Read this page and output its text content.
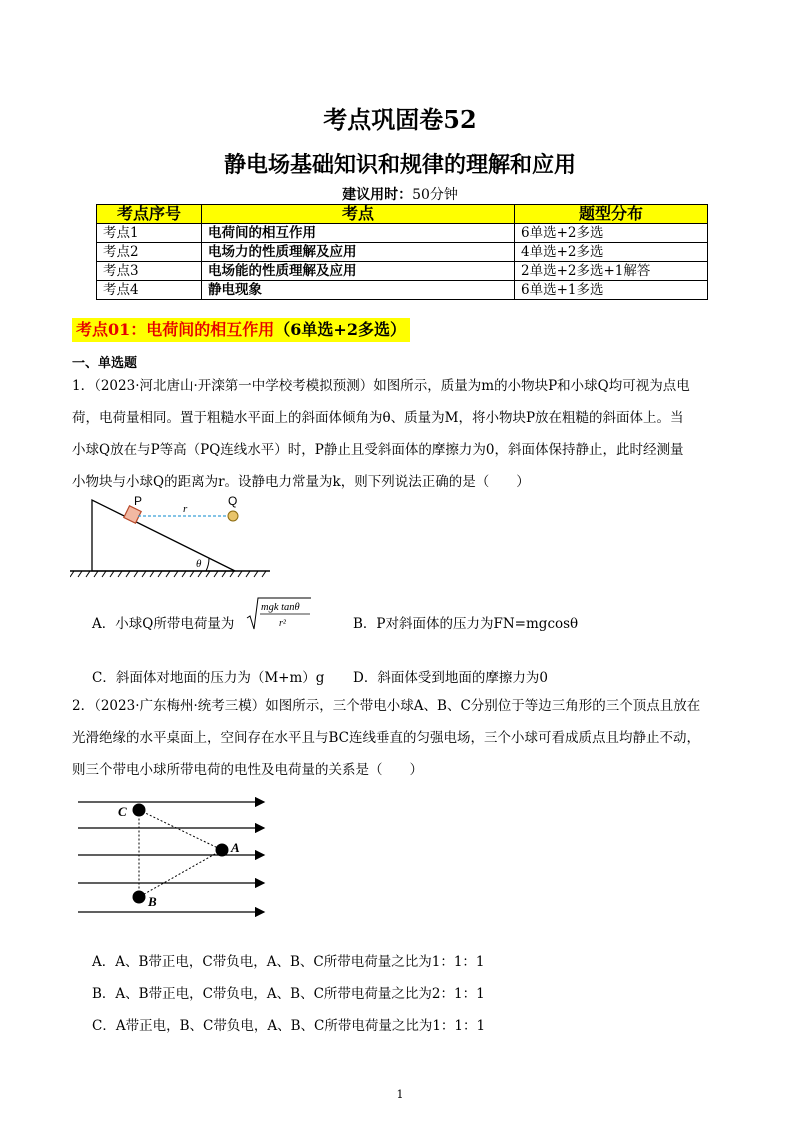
考点巩固卷52
静电场基础知识和规律的理解和应用
建议用时：50分钟
考点序号	考点	题型分布
考点1	电荷间的相互作用	6单选+2多选
考点2	电场力的性质理解及应用	4单选+2多选
考点3	电场能的性质理解及应用	2单选+2多选+1解答
考点4	静电现象	6单选+1多选
考点01：电荷间的相互作用（6单选+2多选）
一、单选题
1．（2023·河北唐山·开滦第一中学校考模拟预测）如图所示，质量为m的小物块P和小球Q均可视为点电
荷，电荷量相同。置于粗糙水平面上的斜面体倾角为θ、质量为M，将小物块P放在粗糙的斜面体上。当
小球Q放在与P等高（PQ连线水平）时，P静止且受斜面体的摩擦力为0，斜面体保持静止，此时经测量
小物块与小球Q的距离为r。设静电力常量为k，则下列说法正确的是（　　）
P	Q
r
θ
A．小球Q所带电荷量为
mgk tanθ
r²	B．P对斜面体的压力为FN=mgcosθ
C．斜面体对地面的压力为（M+m）g D．斜面体受到地面的摩擦力为0
2．（2023·广东梅州·统考三模）如图所示，三个带电小球A、B、C分别位于等边三角形的三个顶点且放在
光滑绝缘的水平桌面上，空间存在水平且与BC连线垂直的匀强电场，三个小球可看成质点且均静止不动，
则三个带电小球所带电荷的电性及电荷量的关系是（　　）
C
A
B
A．A、B带正电，C带负电，A、B、C所带电荷量之比为1：1：1
B．A、B带正电，C带负电，A、B、C所带电荷量之比为2：1：1
C．A带正电，B、C带负电，A、B、C所带电荷量之比为1：1：1
1
